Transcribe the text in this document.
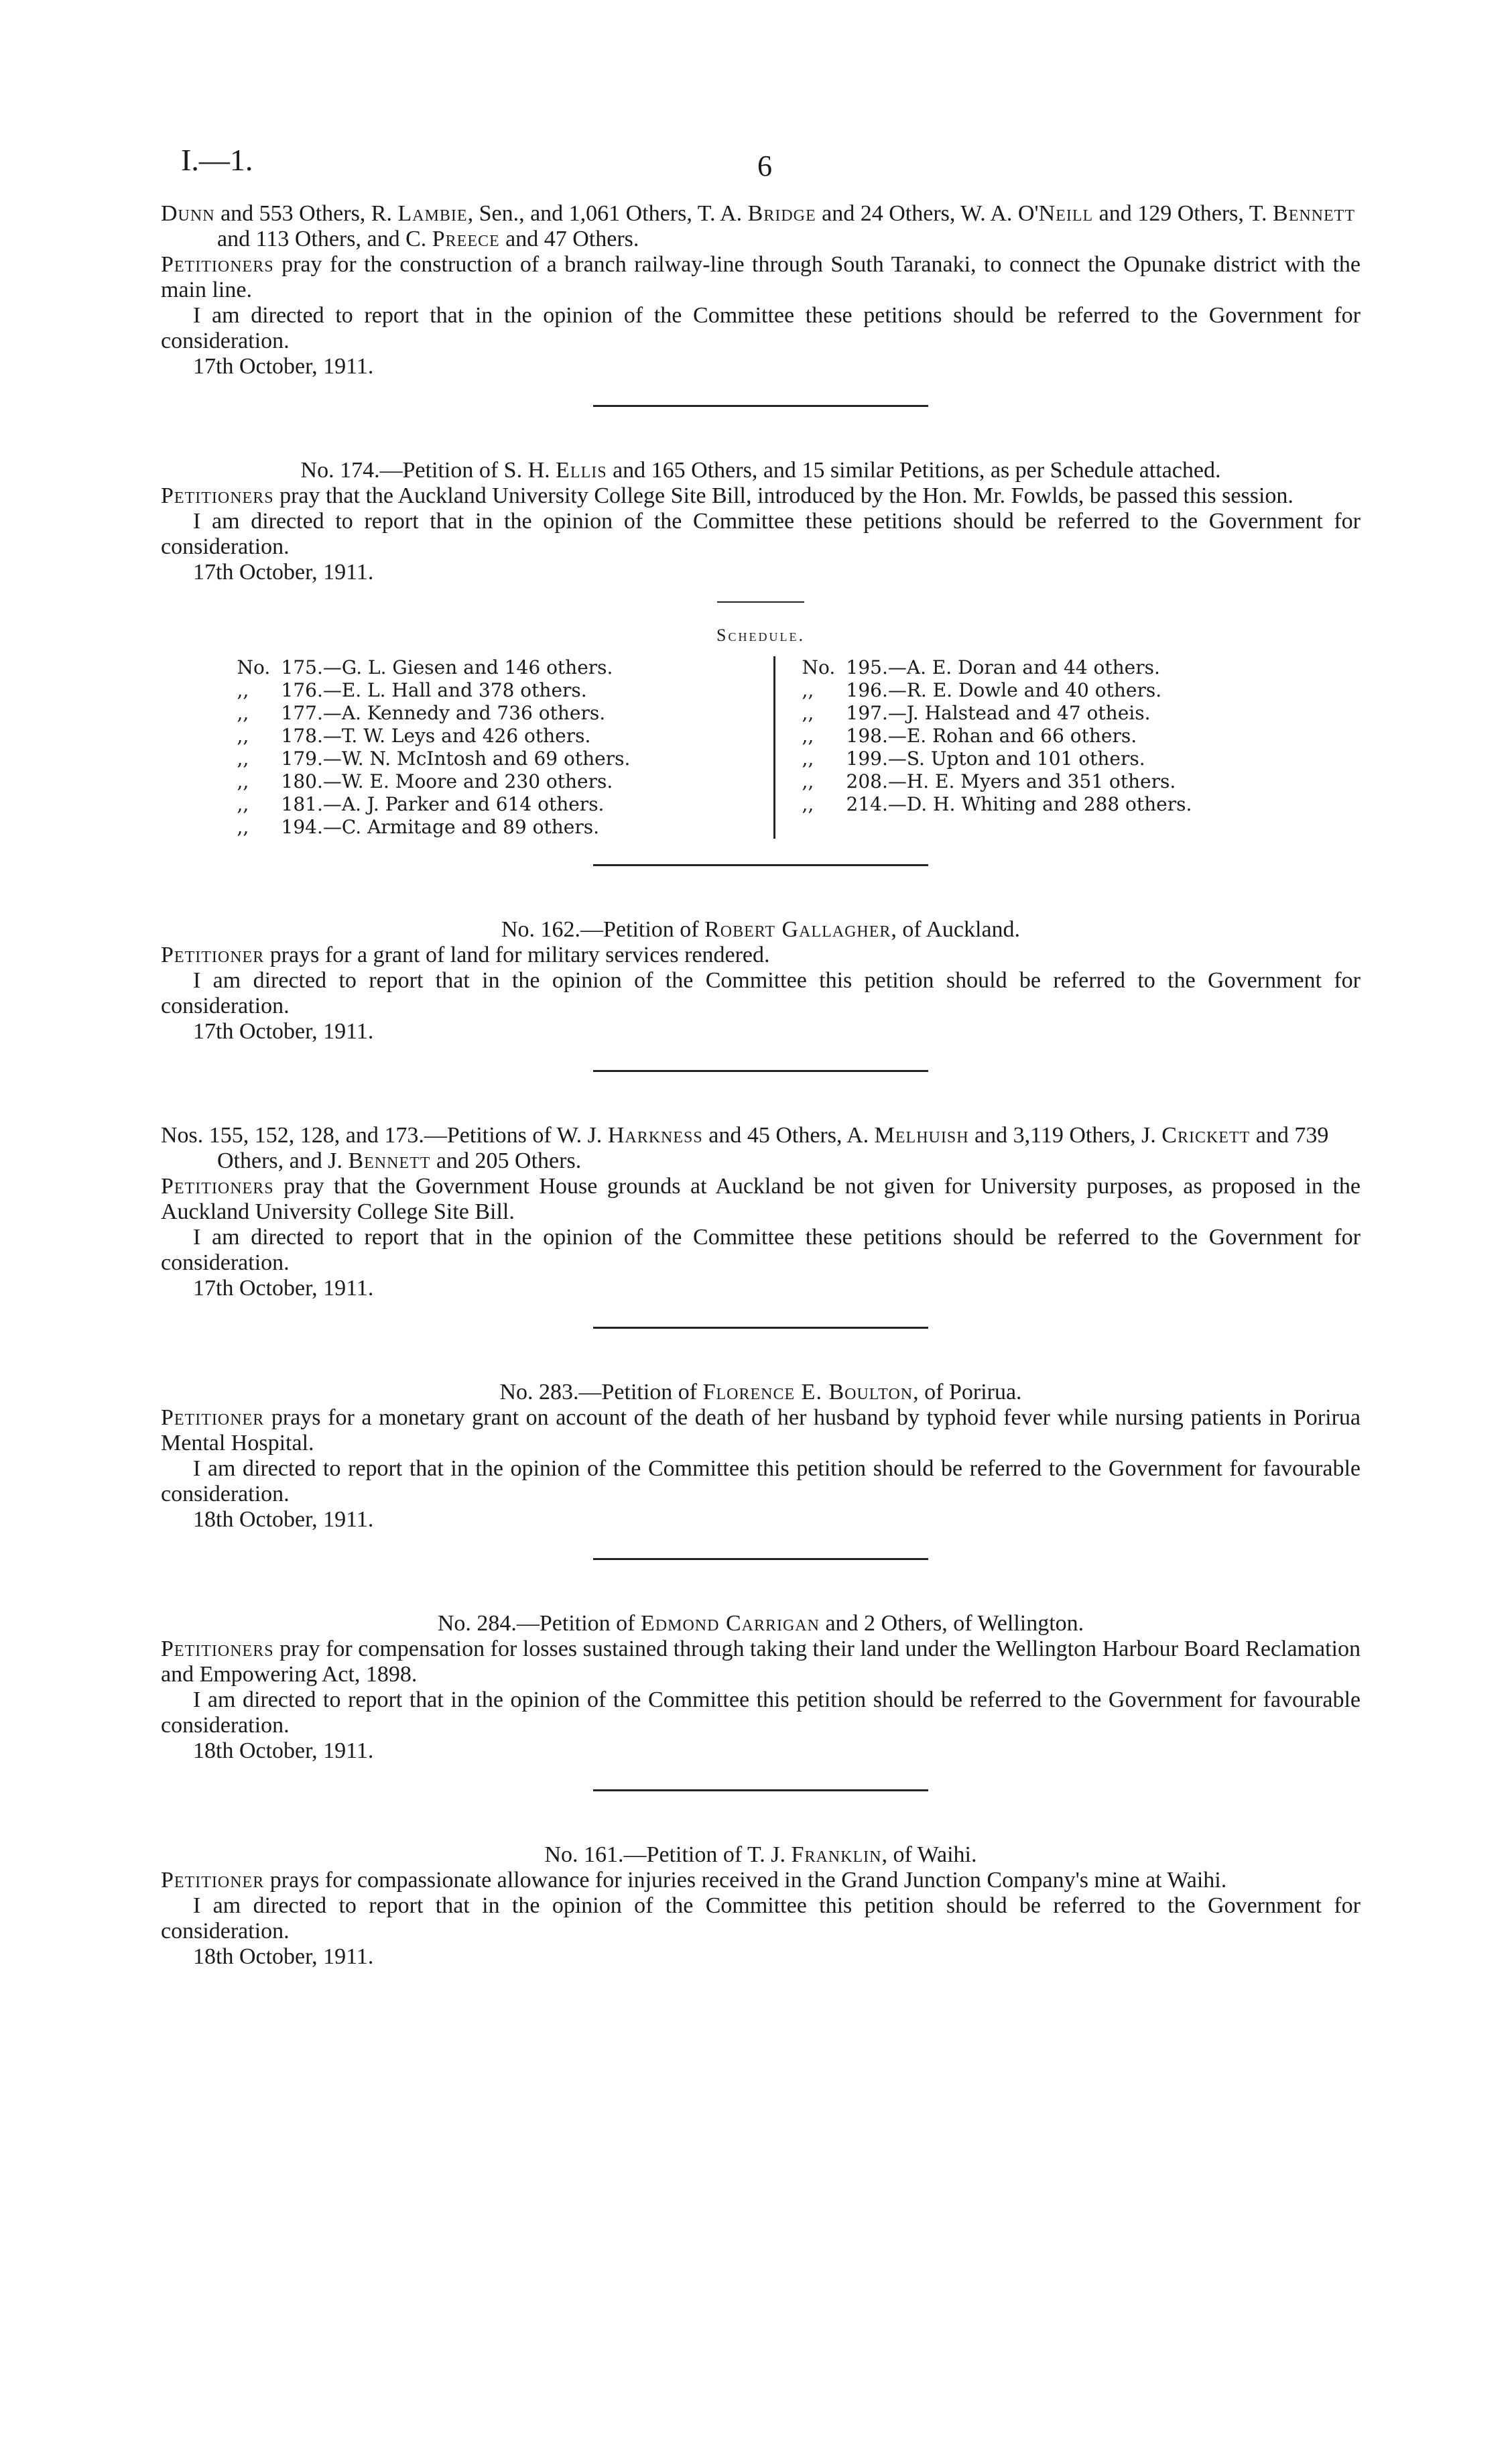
I.—1.	6

Dunn and 553 Others, R. Lambie, Sen., and 1,061 Others, T. A. Bridge and 24 Others, W. A. O'Neill and 129 Others, T. Bennett and 113 Others, and C. Preece and 47 Others.

Petitioners pray for the construction of a branch railway-line through South Taranaki, to connect the Opunake district with the main line.

I am directed to report that in the opinion of the Committee these petitions should be referred to the Government for consideration.

17th October, 1911.

No. 174.—Petition of S. H. Ellis and 165 Others, and 15 similar Petitions, as per Schedule attached.

Petitioners pray that the Auckland University College Site Bill, introduced by the Hon. Mr. Fowlds, be passed this session.

I am directed to report that in the opinion of the Committee these petitions should be referred to the Government for consideration.

17th October, 1911.

Schedule.

No. 175.—G. L. Giesen and 146 others.
,,	176.—E. L. Hall and 378 others.
,,	177.—A. Kennedy and 736 others.
,,	178.—T. W. Leys and 426 others.
,,	179.—W. N. McIntosh and 69 others.
,,	180.—W. E. Moore and 230 others.
,,	181.—A. J. Parker and 614 others.
,,	194.—C. Armitage and 89 others.
No. 195.—A. E. Doran and 44 others.
,,	196.—R. E. Dowle and 40 others.
,,	197.—J. Halstead and 47 otheis.
,,	198.—E. Rohan and 66 others.
,,	199.—S. Upton and 101 others.
,,	208.—H. E. Myers and 351 others.
,,	214.—D. H. Whiting and 288 others.

No. 162.—Petition of Robert Gallagher, of Auckland.

Petitioner prays for a grant of land for military services rendered.

I am directed to report that in the opinion of the Committee this petition should be referred to the Government for consideration.

17th October, 1911.

Nos. 155, 152, 128, and 173.—Petitions of W. J. Harkness and 45 Others, A. Melhuish and 3,119 Others, J. Crickett and 739 Others, and J. Bennett and 205 Others.

Petitioners pray that the Government House grounds at Auckland be not given for University purposes, as proposed in the Auckland University College Site Bill.

I am directed to report that in the opinion of the Committee these petitions should be referred to the Government for consideration.

17th October, 1911.

No. 283.—Petition of Florence E. Boulton, of Porirua.

Petitioner prays for a monetary grant on account of the death of her husband by typhoid fever while nursing patients in Porirua Mental Hospital.

I am directed to report that in the opinion of the Committee this petition should be referred to the Government for favourable consideration.

18th October, 1911.

No. 284.—Petition of Edmond Carrigan and 2 Others, of Wellington.

Petitioners pray for compensation for losses sustained through taking their land under the Wellington Harbour Board Reclamation and Empowering Act, 1898.

I am directed to report that in the opinion of the Committee this petition should be referred to the Government for favourable consideration.

18th October, 1911.

No. 161.—Petition of T. J. Franklin, of Waihi.

Petitioner prays for compassionate allowance for injuries received in the Grand Junction Company's mine at Waihi.

I am directed to report that in the opinion of the Committee this petition should be referred to the Government for consideration.

18th October, 1911.
